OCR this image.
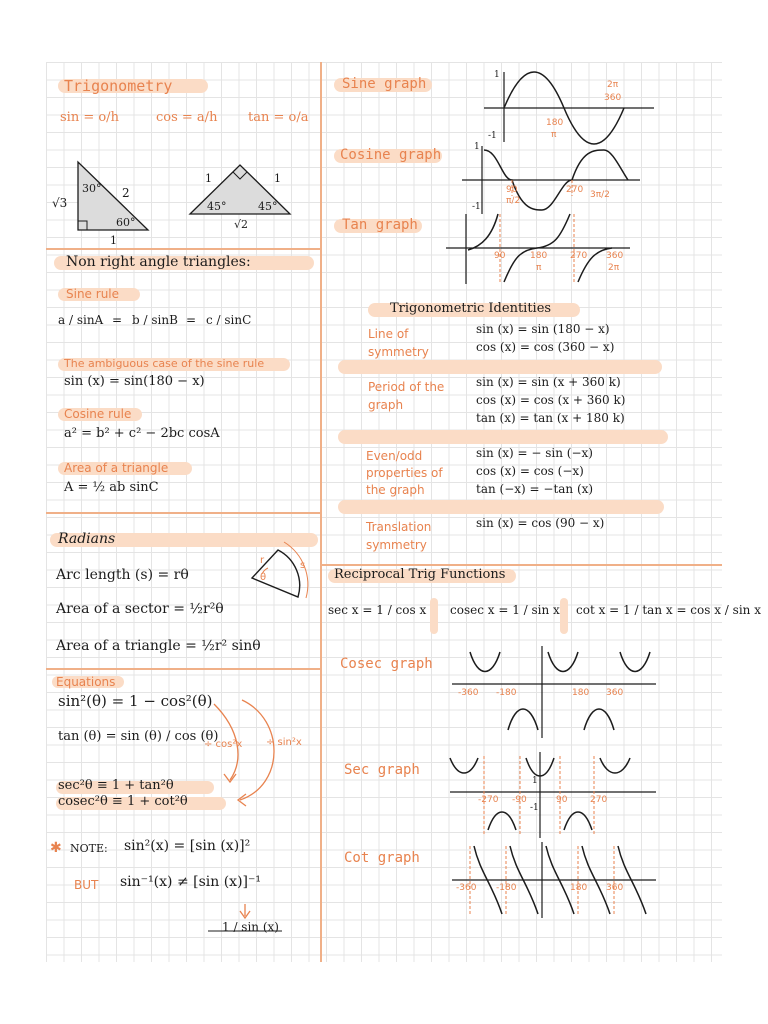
Trigonometry
sin = o/h	cos = a/h tan = o/a
30° 2
√3
60°
1
1	1
45°	45°
√2
Non right angle triangles:
Sine rule
a / sinA = b / sinB = c / sinC
The ambiguous case of the sine rule
sin (x) = sin(180 − x)
Cosine rule
a² = b² + c² − 2bc cosA
Area of a triangle
A = ½ ab sinC
Radians
Arc length (s) = rθ
Area of a sector = ½r²θ
Area of a triangle = ½r² sinθ
r	s
θ
Equations
sin²(θ) = 1 − cos²(θ)
tan (θ) = sin (θ) / cos (θ)
÷ cos²x ÷ sin²x
sec²θ ≡ 1 + tan²θ
cosec²θ ≡ 1 + cot²θ
✱ NOTE: sin²(x) = [sin (x)]²
BUT sin⁻¹(x) ≠ [sin (x)]⁻¹
1 / sin (x)
Sine graph
Cosine graph
Tan graph
2π
360
180
π
-1
1
90
π/2
270 3π/2
-1
1
90	180
π
270 360
2π
Trigonometric Identities
Line of symmetry
sin (x) = sin (180 − x)
cos (x) = cos (360 − x)
Period of the graph
sin (x) = sin (x + 360 k)
cos (x) = cos (x + 360 k)
tan (x) = tan (x + 180 k)
Even/odd properties of the graph
sin (x) = − sin (−x)
cos (x) = cos (−x)
tan (−x) = −tan (x)
Translation symmetry
sin (x) = cos (90 − x)
Reciprocal Trig Functions
sec x = 1 / cos x cosec x = 1 / sin x cot x = 1 / tan x = cos x / sin x
Cosec graph
Sec graph
Cot graph
-360 -180	180 360
-270 -90	90	270
1
-1
-360 -180	180 360
